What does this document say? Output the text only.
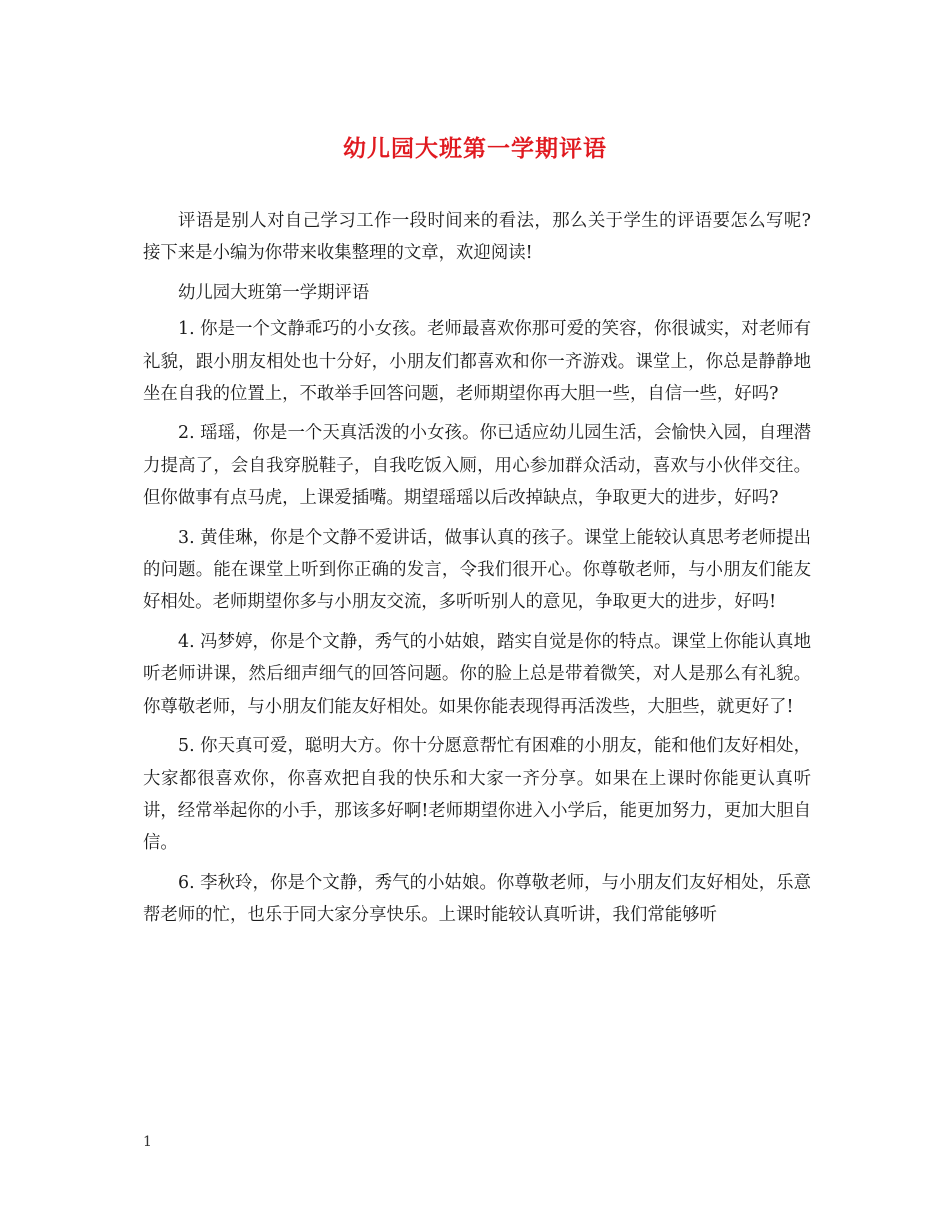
幼儿园大班第一学期评语

评语是别人对自己学习工作一段时间来的看法，那么关于学生的评语要怎么写呢?接下来是小编为你带来收集整理的文章，欢迎阅读!

幼儿园大班第一学期评语

1. 你是一个文静乖巧的小女孩。老师最喜欢你那可爱的笑容，你很诚实，对老师有礼貌，跟小朋友相处也十分好，小朋友们都喜欢和你一齐游戏。课堂上，你总是静静地坐在自我的位置上，不敢举手回答问题，老师期望你再大胆一些，自信一些，好吗?

2. 瑶瑶，你是一个天真活泼的小女孩。你已适应幼儿园生活，会愉快入园，自理潜力提高了，会自我穿脱鞋子，自我吃饭入厕，用心参加群众活动，喜欢与小伙伴交往。但你做事有点马虎，上课爱插嘴。期望瑶瑶以后改掉缺点，争取更大的进步，好吗?

3. 黄佳琳，你是个文静不爱讲话，做事认真的孩子。课堂上能较认真思考老师提出的问题。能在课堂上听到你正确的发言，令我们很开心。你尊敬老师，与小朋友们能友好相处。老师期望你多与小朋友交流，多听听别人的意见，争取更大的进步，好吗!

4. 冯梦婷，你是个文静，秀气的小姑娘，踏实自觉是你的特点。课堂上你能认真地听老师讲课，然后细声细气的回答问题。你的脸上总是带着微笑，对人是那么有礼貌。你尊敬老师，与小朋友们能友好相处。如果你能表现得再活泼些，大胆些，就更好了!

5. 你天真可爱，聪明大方。你十分愿意帮忙有困难的小朋友，能和他们友好相处，大家都很喜欢你，你喜欢把自我的快乐和大家一齐分享。如果在上课时你能更认真听讲，经常举起你的小手，那该多好啊!老师期望你进入小学后，能更加努力，更加大胆自信。

6. 李秋玲，你是个文静，秀气的小姑娘。你尊敬老师，与小朋友们友好相处，乐意帮老师的忙，也乐于同大家分享快乐。上课时能较认真听讲，我们常能够听

1
